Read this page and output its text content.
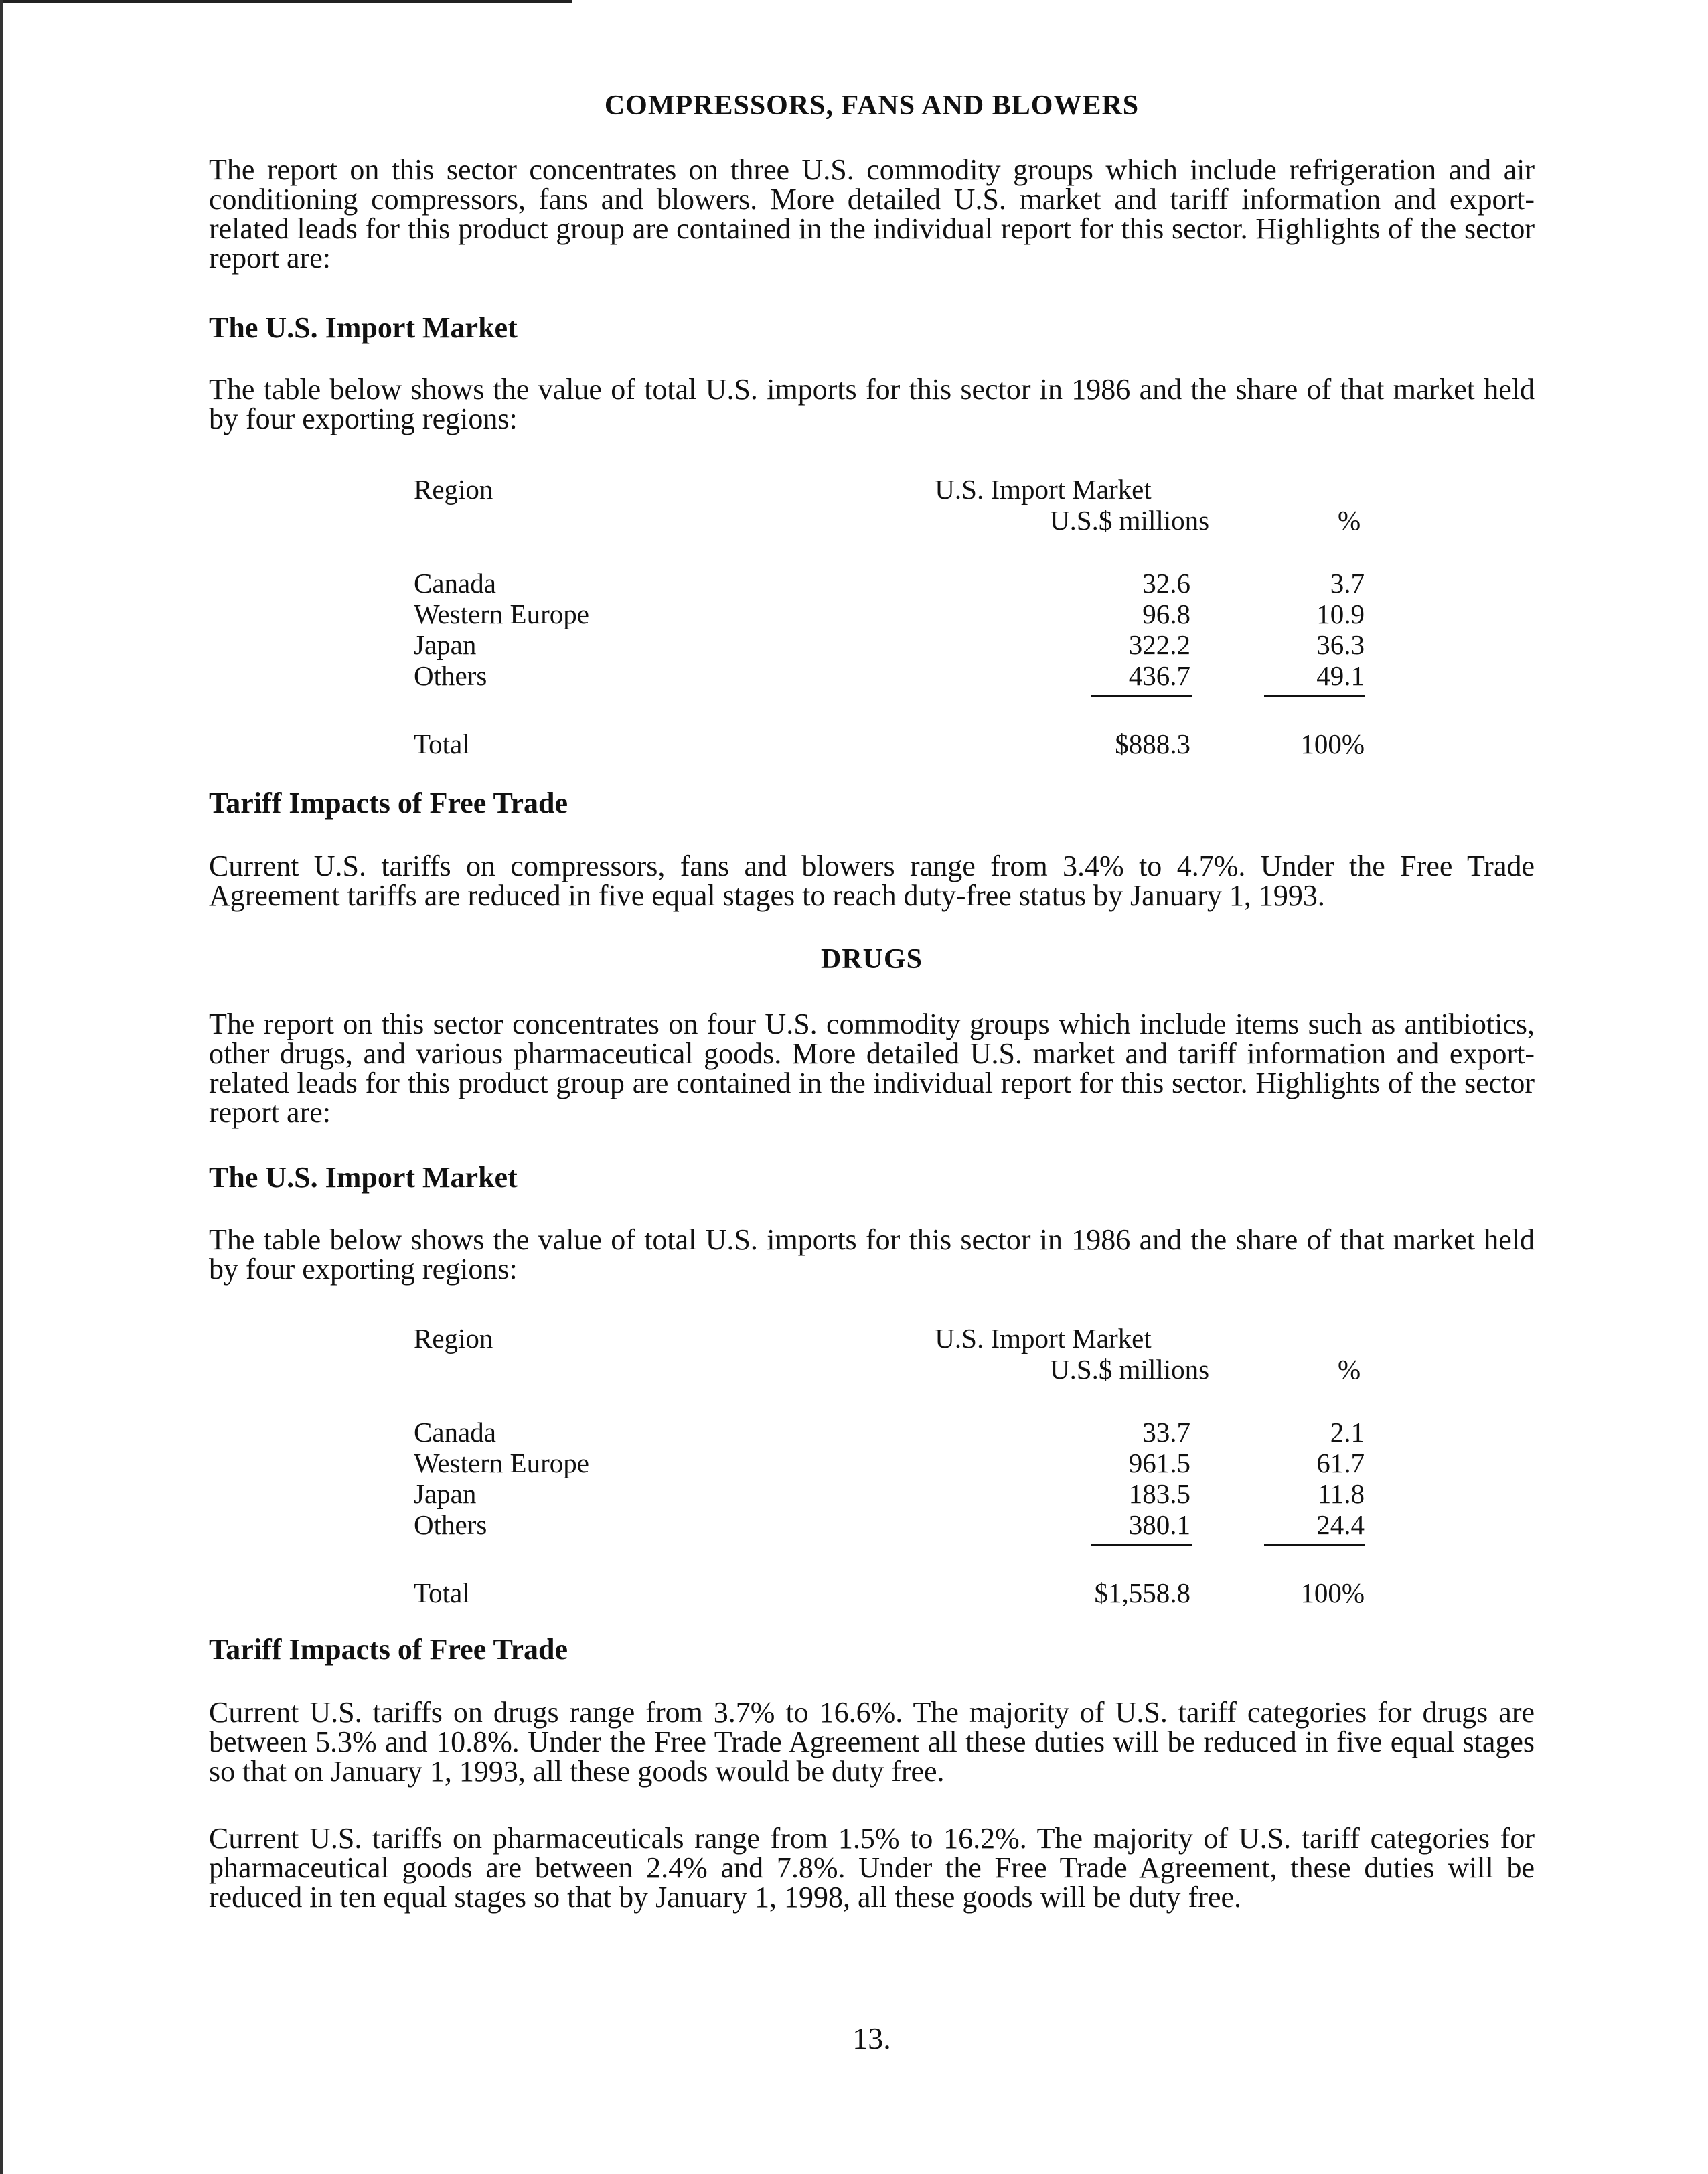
COMPRESSORS, FANS AND BLOWERS

The report on this sector concentrates on three U.S. commodity groups which include refrigeration and air conditioning compressors, fans and blowers. More detailed U.S. market and tariff information and export-related leads for this product group are contained in the individual report for this sector. Highlights of the sector report are:

The U.S. Import Market

The table below shows the value of total U.S. imports for this sector in 1986 and the share of that market held by four exporting regions:

Region	U.S. Import Market
U.S.$ millions	%
Canada	32.6	3.7
Western Europe	96.8	10.9
Japan	322.2	36.3
Others	436.7	49.1
Total	$888.3	100%

Tariff Impacts of Free Trade

Current U.S. tariffs on compressors, fans and blowers range from 3.4% to 4.7%. Under the Free Trade Agreement tariffs are reduced in five equal stages to reach duty-free status by January 1, 1993.

DRUGS

The report on this sector concentrates on four U.S. commodity groups which include items such as antibiotics, other drugs, and various pharmaceutical goods. More detailed U.S. market and tariff information and export-related leads for this product group are contained in the individual report for this sector. Highlights of the sector report are:

The U.S. Import Market

The table below shows the value of total U.S. imports for this sector in 1986 and the share of that market held by four exporting regions:

Region	U.S. Import Market
U.S.$ millions	%
Canada	33.7	2.1
Western Europe	961.5	61.7
Japan	183.5	11.8
Others	380.1	24.4
Total	$1,558.8	100%

Tariff Impacts of Free Trade

Current U.S. tariffs on drugs range from 3.7% to 16.6%. The majority of U.S. tariff categories for drugs are between 5.3% and 10.8%. Under the Free Trade Agreement all these duties will be reduced in five equal stages so that on January 1, 1993, all these goods would be duty free.

Current U.S. tariffs on pharmaceuticals range from 1.5% to 16.2%. The majority of U.S. tariff categories for pharmaceutical goods are between 2.4% and 7.8%. Under the Free Trade Agreement, these duties will be reduced in ten equal stages so that by January 1, 1998, all these goods will be duty free.

13.
